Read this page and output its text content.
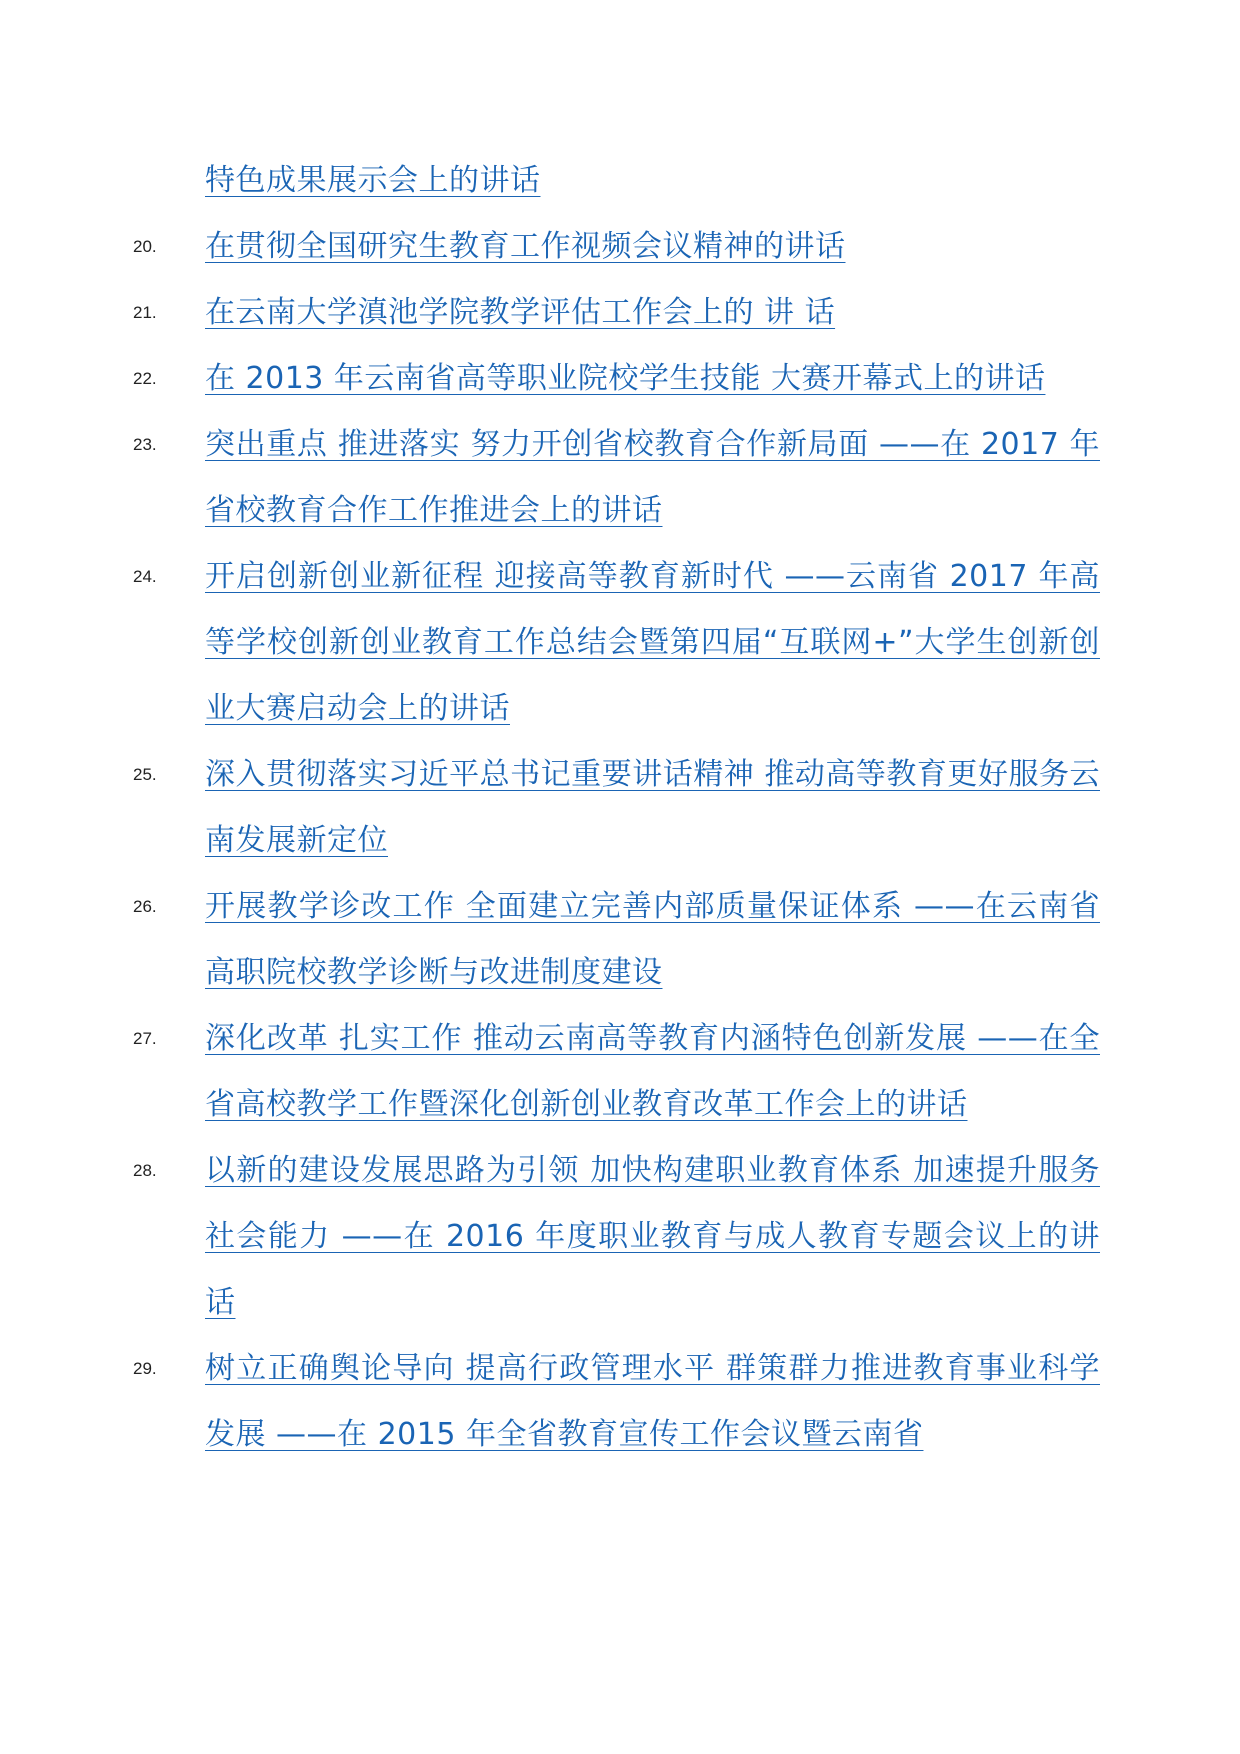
特色成果展示会上的讲话
20. 在贯彻全国研究生教育工作视频会议精神的讲话
21. 在云南大学滇池学院教学评估工作会上的 讲 话
22. 在 2013 年云南省高等职业院校学生技能 大赛开幕式上的讲话
23. 突出重点 推进落实 努力开创省校教育合作新局面 ——在 2017 年省校教育合作工作推进会上的讲话
24. 开启创新创业新征程 迎接高等教育新时代 ——云南省 2017 年高等学校创新创业教育工作总结会暨第四届“互联网+”大学生创新创业大赛启动会上的讲话
25. 深入贯彻落实习近平总书记重要讲话精神 推动高等教育更好服务云南发展新定位
26. 开展教学诊改工作 全面建立完善内部质量保证体系 ——在云南省高职院校教学诊断与改进制度建设
27. 深化改革 扎实工作 推动云南高等教育内涵特色创新发展 ——在全省高校教学工作暨深化创新创业教育改革工作会上的讲话
28. 以新的建设发展思路为引领 加快构建职业教育体系 加速提升服务社会能力 ——在 2016 年度职业教育与成人教育专题会议上的讲话
29. 树立正确舆论导向 提高行政管理水平 群策群力推进教育事业科学发展 ——在 2015 年全省教育宣传工作会议暨云南省
